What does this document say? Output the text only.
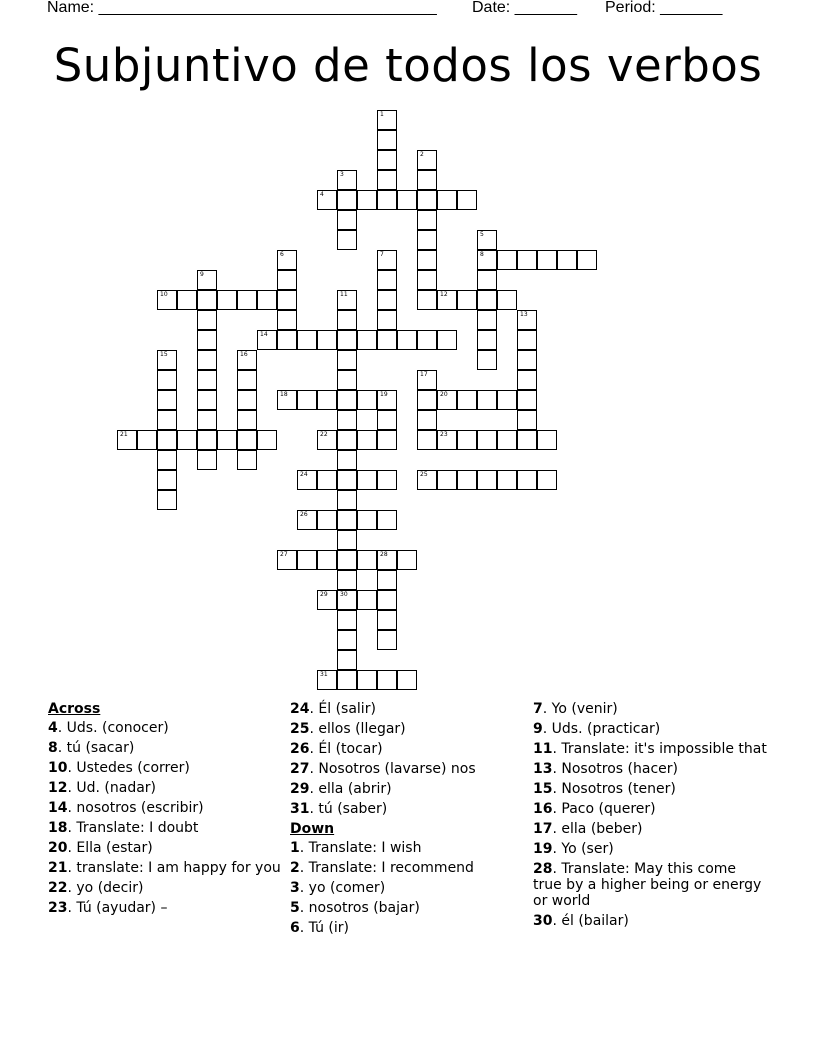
Name: ______________________________________ Date: _______ Period: _______
Subjuntivo de todos los verbos
4
8
10	12
14
18	20
21	22	23
24	25
26
27	28
29 30
31
1
2
3
5
6	7
9
11
13
15	16
17
19
Across
4. Uds. (conocer)
8. tú (sacar)
10. Ustedes (correr)
12. Ud. (nadar)
14. nosotros (escribir)
18. Translate: I doubt
20. Ella (estar)
21. translate: I am happy for you
22. yo (decir)
23. Tú (ayudar) –
24. Él (salir)
25. ellos (llegar)
26. Él (tocar)
27. Nosotros (lavarse) nos
29. ella (abrir)
31. tú (saber)
Down
1. Translate: I wish
2. Translate: I recommend
3. yo (comer)
5. nosotros (bajar)
6. Tú (ir)
7. Yo (venir)
9. Uds. (practicar)
11. Translate: it's impossible that
13. Nosotros (hacer)
15. Nosotros (tener)
16. Paco (querer)
17. ella (beber)
19. Yo (ser)
28. Translate: May this come true by a higher being or energy or world
30. él (bailar)
